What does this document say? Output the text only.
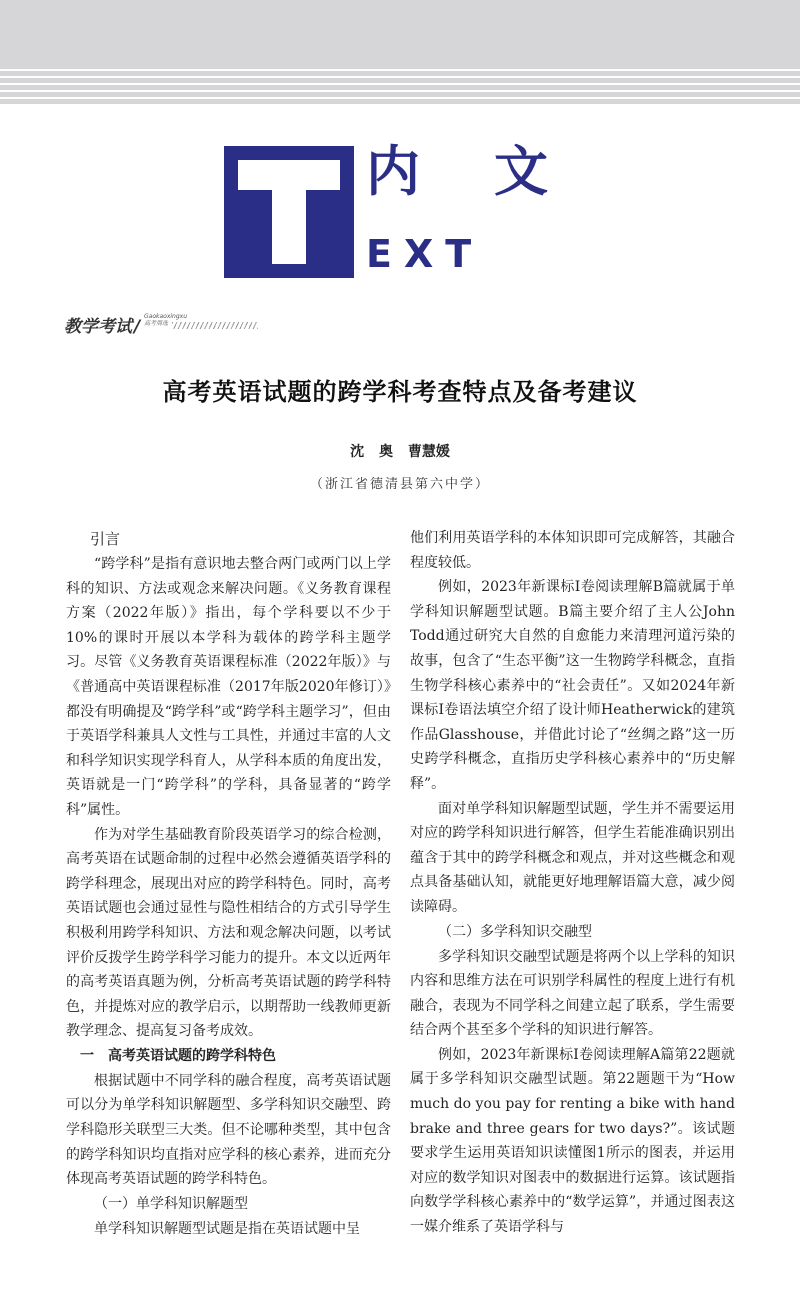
内 文
EXT
教学考试 /
Gaokaoxingxu
高考周选
高考英语试题的跨学科考查特点及备考建议
沈 奥 曹慧媛
（浙江省德清县第六中学）
引言

“跨学科”是指有意识地去整合两门或两门以上学科的知识、方法或观念来解决问题。《义务教育课程方案（2022年版）》指出，每个学科要以不少于10%的课时开展以本学科为载体的跨学科主题学习。尽管《义务教育英语课程标准（2022年版）》与《普通高中英语课程标准（2017年版2020年修订）》都没有明确提及“跨学科”或“跨学科主题学习”，但由于英语学科兼具人文性与工具性，并通过丰富的人文和科学知识实现学科育人，从学科本质的角度出发，英语就是一门“跨学科”的学科，具备显著的“跨学科”属性。

作为对学生基础教育阶段英语学习的综合检测，高考英语在试题命制的过程中必然会遵循英语学科的跨学科理念，展现出对应的跨学科特色。同时，高考英语试题也会通过显性与隐性相结合的方式引导学生积极利用跨学科知识、方法和观念解决问题，以考试评价反拨学生跨学科学习能力的提升。本文以近两年的高考英语真题为例，分析高考英语试题的跨学科特色，并提炼对应的教学启示，以期帮助一线教师更新教学理念、提高复习备考成效。

一　高考英语试题的跨学科特色

根据试题中不同学科的融合程度，高考英语试题可以分为单学科知识解题型、多学科知识交融型、跨学科隐形关联型三大类。但不论哪种类型，其中包含的跨学科知识均直指对应学科的核心素养，进而充分体现高考英语试题的跨学科特色。

（一）单学科知识解题型

单学科知识解题型试题是指在英语试题中呈

他们利用英语学科的本体知识即可完成解答，其融合程度较低。

例如，2023年新课标Ⅰ卷阅读理解B篇就属于单学科知识解题型试题。B篇主要介绍了主人公John Todd通过研究大自然的自愈能力来清理河道污染的故事，包含了“生态平衡”这一生物跨学科概念，直指生物学科核心素养中的“社会责任”。又如2024年新课标Ⅰ卷语法填空介绍了设计师Heatherwick的建筑作品Glasshouse，并借此讨论了“丝绸之路”这一历史跨学科概念，直指历史学科核心素养中的“历史解释”。

面对单学科知识解题型试题，学生并不需要运用对应的跨学科知识进行解答，但学生若能准确识别出蕴含于其中的跨学科概念和观点，并对这些概念和观点具备基础认知，就能更好地理解语篇大意，减少阅读障碍。

（二）多学科知识交融型

多学科知识交融型试题是将两个以上学科的知识内容和思维方法在可识别学科属性的程度上进行有机融合，表现为不同学科之间建立起了联系，学生需要结合两个甚至多个学科的知识进行解答。

例如，2023年新课标Ⅰ卷阅读理解A篇第22题就属于多学科知识交融型试题。第22题题干为“How much do you pay for renting a bike with hand brake and three gears for two days?”。该试题要求学生运用英语知识读懂图1所示的图表，并运用对应的数学知识对图表中的数据进行运算。该试题指向数学学科核心素养中的“数学运算”，并通过图表这一媒介维系了英语学科与
